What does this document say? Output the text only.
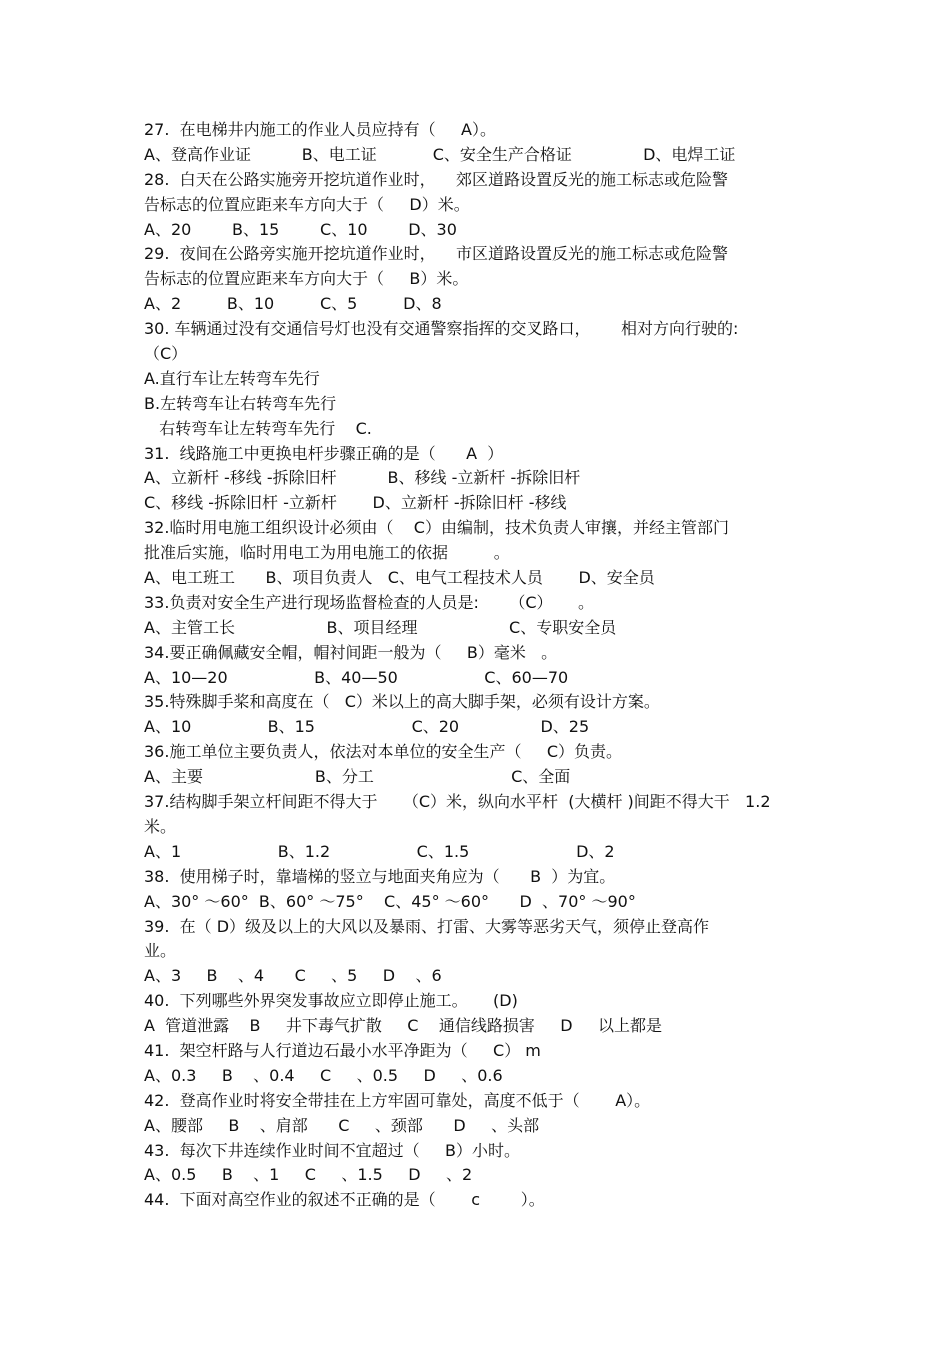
27.  在电梯井内施工的作业人员应持有（     A）。
A、登高作业证          B、电工证           C、安全生产合格证              D、电焊工证
28.  白天在公路实施旁开挖坑道作业时，    郊区道路设置反光的施工标志或危险警
告标志的位置应距来车方向大于（     D）米。
A、20        B、15        C、10        D、30
29.  夜间在公路旁实施开挖坑道作业时，    市区道路设置反光的施工标志或危险警
告标志的位置应距来车方向大于（     B）米。
A、2         B、10         C、5         D、8
30. 车辆通过没有交通信号灯也没有交通警察指挥的交叉路口，      相对方向行驶的:
（C）
A.直行车让左转弯车先行
B.左转弯车让右转弯车先行
右转弯车让左转弯车先行    C.
31.  线路施工中更换电杆步骤正确的是（      A  ）
A、立新杆 -移线 -拆除旧杆          B、移线 -立新杆 -拆除旧杆
C、移线 -拆除旧杆 -立新杆       D、立新杆 -拆除旧杆 -移线
32.临时用电施工组织设计必须由（    C）由编制，技术负责人审攘，并经主管部门
批准后实施，临时用电工为用电施工的依据         。
A、电工班工      B、项目负责人   C、电气工程技术人员       D、安全员
33.负责对安全生产进行现场监督检查的人员是:      （C）     。
A、主管工长                  B、项目经理                  C、专职安全员
34.要正确佩藏安全帽，帽衬间距一般为（     B）毫米   。
A、10—20                 B、40—50                 C、60—70
35.特殊脚手桨和高度在（   C）米以上的高大脚手架，必须有设计方案。
A、10               B、15                   C、20                D、25
36.施工单位主要负责人，依法对本单位的安全生产（     C）负责。
A、主要                      B、分工                           C、全面
37.结构脚手架立杆间距不得大于     （C）米，纵向水平杆  (大横杆 )间距不得大干   1.2
米。
A、1                   B、1.2                 C、1.5                     D、2
38.  使用梯子时，靠墙梯的竖立与地面夹角应为（      B  ）为宜。
A、30° ～60°  B、60° ～75°    C、45° ～60°      D  、70° ～90°
39.  在（ D）级及以上的大风以及暴雨、打雷、大雾等恶劣天气，须停止登高作
业。
A、3     B    、4      C     、5     D    、6
40.  下列哪些外界突发事故应立即停止施工。     (D)
A  管道泄露    B     井下毒气扩散     C    通信线路损害     D     以上都是
41.  架空杆路与人行道边石最小水平净距为（     C） m
A、0.3     B    、0.4     C     、0.5     D     、0.6
42.  登高作业时将安全带挂在上方牢固可靠处，高度不低于（       A）。
A、腰部     B    、肩部      C     、颈部      D     、头部
43.  每次下井连续作业时间不宜超过（     B）小时。
A、0.5     B    、1     C     、1.5     D     、2
44.  下面对高空作业的叙述不正确的是（       c        ）。
